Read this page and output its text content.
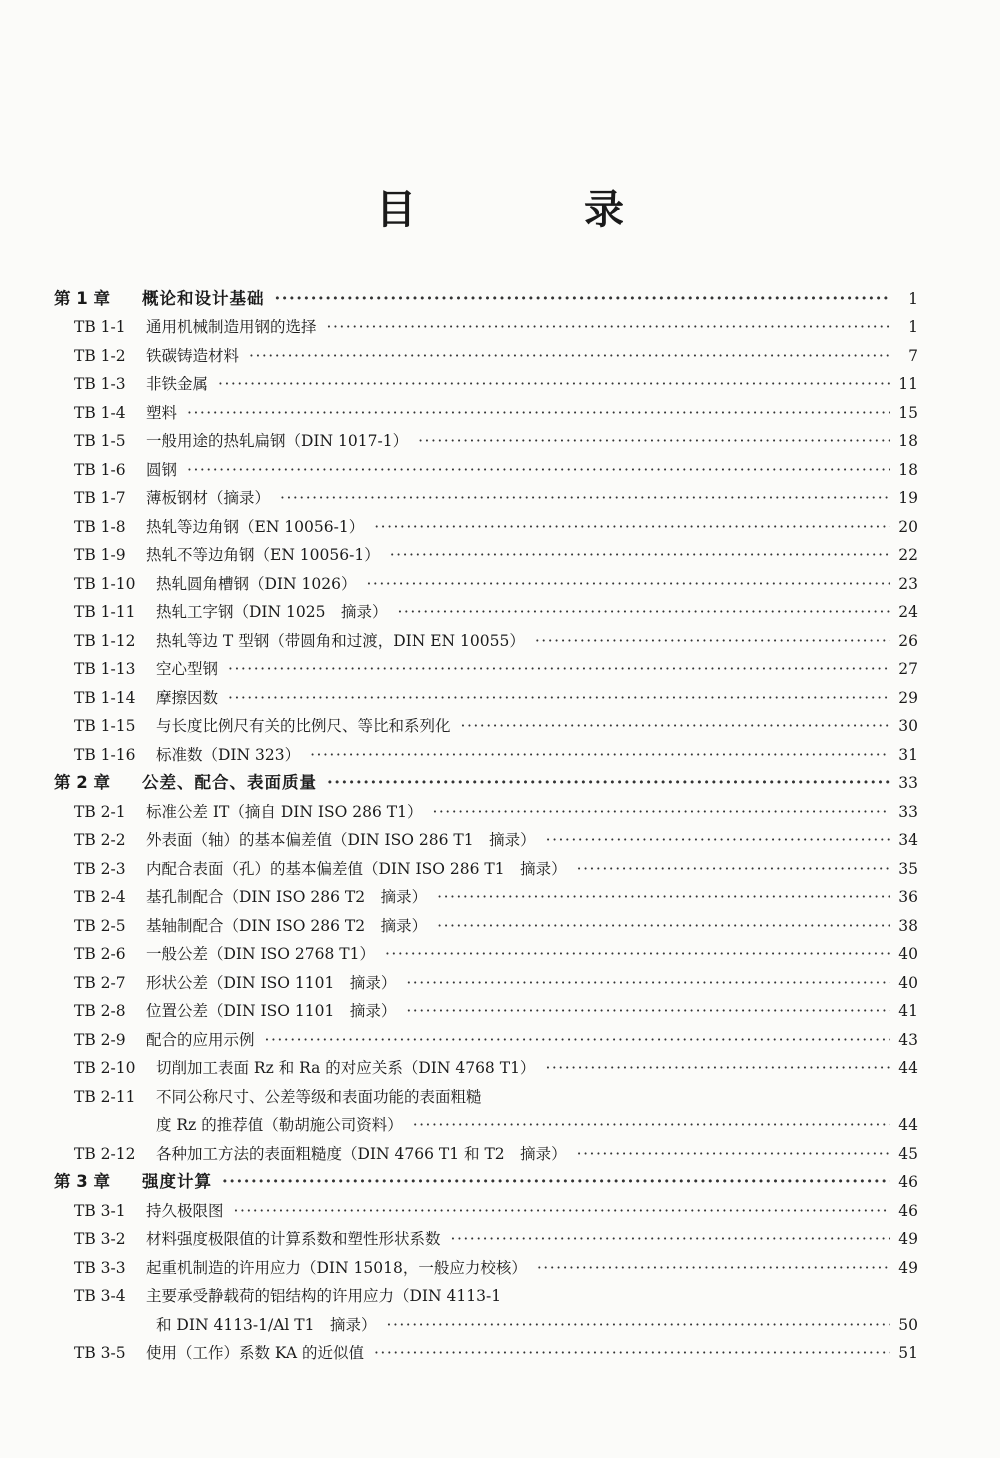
目　录
第 1 章 概论和设计基础	1
·····
TB 1-1 通用机械制造用钢的选择	1
·····
TB 1-2 铁碳铸造材料	7
·····
TB 1-3 非铁金属	11
·····
TB 1-4 塑料	15
·····
TB 1-5 一般用途的热轧扁钢（DIN 1017-1）	18
·····
TB 1-6 圆钢	18
·····
TB 1-7 薄板钢材（摘录）	19
·····
TB 1-8 热轧等边角钢（EN 10056-1）	20
·····
TB 1-9 热轧不等边角钢（EN 10056-1）	22
·····
TB 1-10 热轧圆角槽钢（DIN 1026）	23
·····
TB 1-11 热轧工字钢（DIN 1025　摘录）	24
·····
TB 1-12 热轧等边 T 型钢（带圆角和过渡，DIN EN 10055）	26
·····
TB 1-13 空心型钢	27
·····
TB 1-14 摩擦因数	29
·····
TB 1-15 与长度比例尺有关的比例尺、等比和系列化	30
·····
TB 1-16 标准数（DIN 323）	31
·····
第 2 章 公差、配合、表面质量	33
·····
TB 2-1 标准公差 IT（摘自 DIN ISO 286 T1）	33
·····
TB 2-2 外表面（轴）的基本偏差值（DIN ISO 286 T1　摘录）	34
·····
TB 2-3 内配合表面（孔）的基本偏差值（DIN ISO 286 T1　摘录）	35
·····
TB 2-4 基孔制配合（DIN ISO 286 T2　摘录）	36
·····
TB 2-5 基轴制配合（DIN ISO 286 T2　摘录）	38
·····
TB 2-6 一般公差（DIN ISO 2768 T1）	40
·····
TB 2-7 形状公差（DIN ISO 1101　摘录）	40
·····
TB 2-8 位置公差（DIN ISO 1101　摘录）	41
·····
TB 2-9 配合的应用示例	43
·····
TB 2-10 切削加工表面 Rz 和 Ra 的对应关系（DIN 4768 T1）	44
·····
TB 2-11 不同公称尺寸、公差等级和表面功能的表面粗糙
度 Rz 的推荐值（勒胡施公司资料）	44
·····
TB 2-12 各种加工方法的表面粗糙度（DIN 4766 T1 和 T2　摘录）	45
·····
第 3 章 强度计算	46
·····
TB 3-1 持久极限图	46
·····
TB 3-2 材料强度极限值的计算系数和塑性形状系数	49
·····
TB 3-3 起重机制造的许用应力（DIN 15018，一般应力校核）	49
·····
TB 3-4 主要承受静载荷的铝结构的许用应力（DIN 4113-1
和 DIN 4113-1/Al T1　摘录）	50
·····
TB 3-5 使用（工作）系数 KA 的近似值	51
·····
